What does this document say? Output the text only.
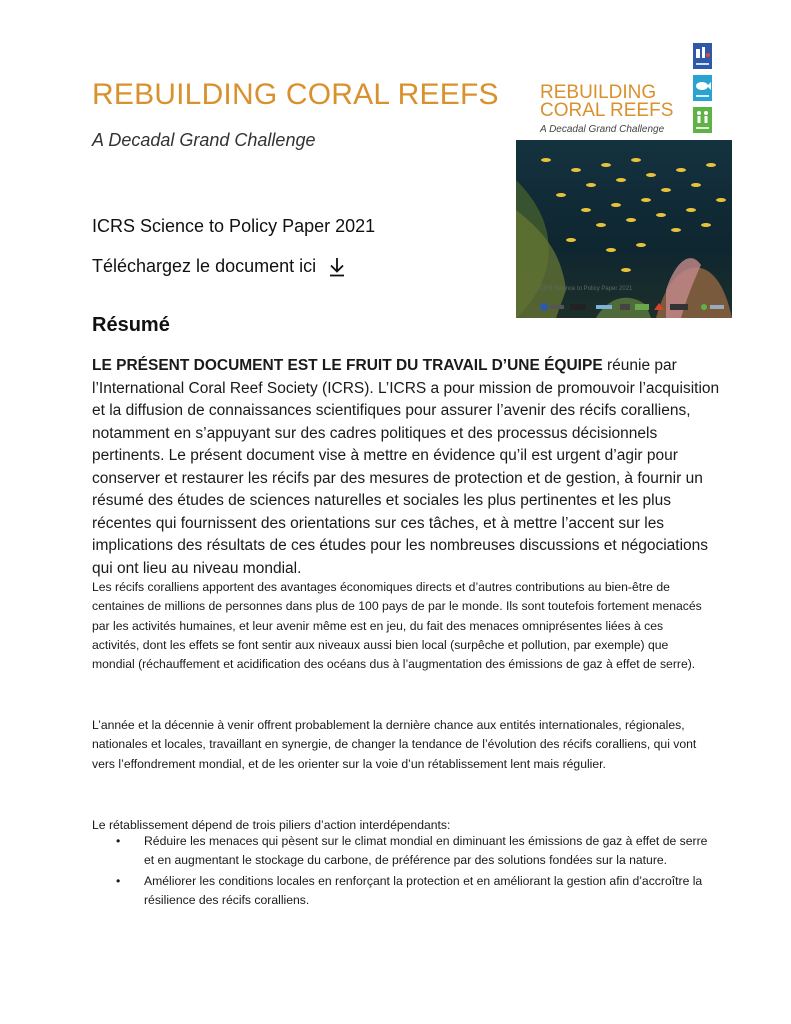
REBUILDING CORAL REEFS
A Decadal Grand Challenge
ICRS Science to Policy Paper 2021
Téléchargez le document ici
REBUILDING
CORAL REEFS
A Decadal Grand Challenge
ICRS Science to Policy Paper 2021
Résumé
LE PRÉSENT DOCUMENT EST LE FRUIT DU TRAVAIL D’UNE ÉQUIPE réunie par l’International Coral Reef Society (ICRS). L’ICRS a pour mission de promouvoir l’acquisition et la diffusion de connaissances scientifiques pour assurer l’avenir des récifs coralliens, notamment en s’appuyant sur des cadres politiques et des processus décisionnels pertinents. Le présent document vise à mettre en évidence qu’il est urgent d’agir pour conserver et restaurer les récifs par des mesures de protection et de gestion, à fournir un résumé des études de sciences naturelles et sociales les plus pertinentes et les plus récentes qui fournissent des orientations sur ces tâches, et à mettre l’accent sur les implications des résultats de ces études pour les nombreuses discussions et négociations qui ont lieu au niveau mondial.
Les récifs coralliens apportent des avantages économiques directs et d’autres contributions au bien-être de centaines de millions de personnes dans plus de 100 pays de par le monde. Ils sont toutefois fortement menacés par les activités humaines, et leur avenir même est en jeu, du fait des menaces omniprésentes liées à ces activités, dont les effets se font sentir aux niveaux aussi bien local (surpêche et pollution, par exemple) que mondial (réchauffement et acidification des océans dus à l’augmentation des émissions de gaz à effet de serre).
L’année et la décennie à venir offrent probablement la dernière chance aux entités internationales, régionales, nationales et locales, travaillant en synergie, de changer la tendance de l’évolution des récifs coralliens, qui vont vers l’effondrement mondial, et de les orienter sur la voie d’un rétablissement lent mais régulier.
Le rétablissement dépend de trois piliers d’action interdépendants:
• Réduire les menaces qui pèsent sur le climat mondial en diminuant les émissions de gaz à effet de serre et en augmentant le stockage du carbone, de préférence par des solutions fondées sur la nature.
• Améliorer les conditions locales en renforçant la protection et en améliorant la gestion afin d’accroître la résilience des récifs coralliens.
